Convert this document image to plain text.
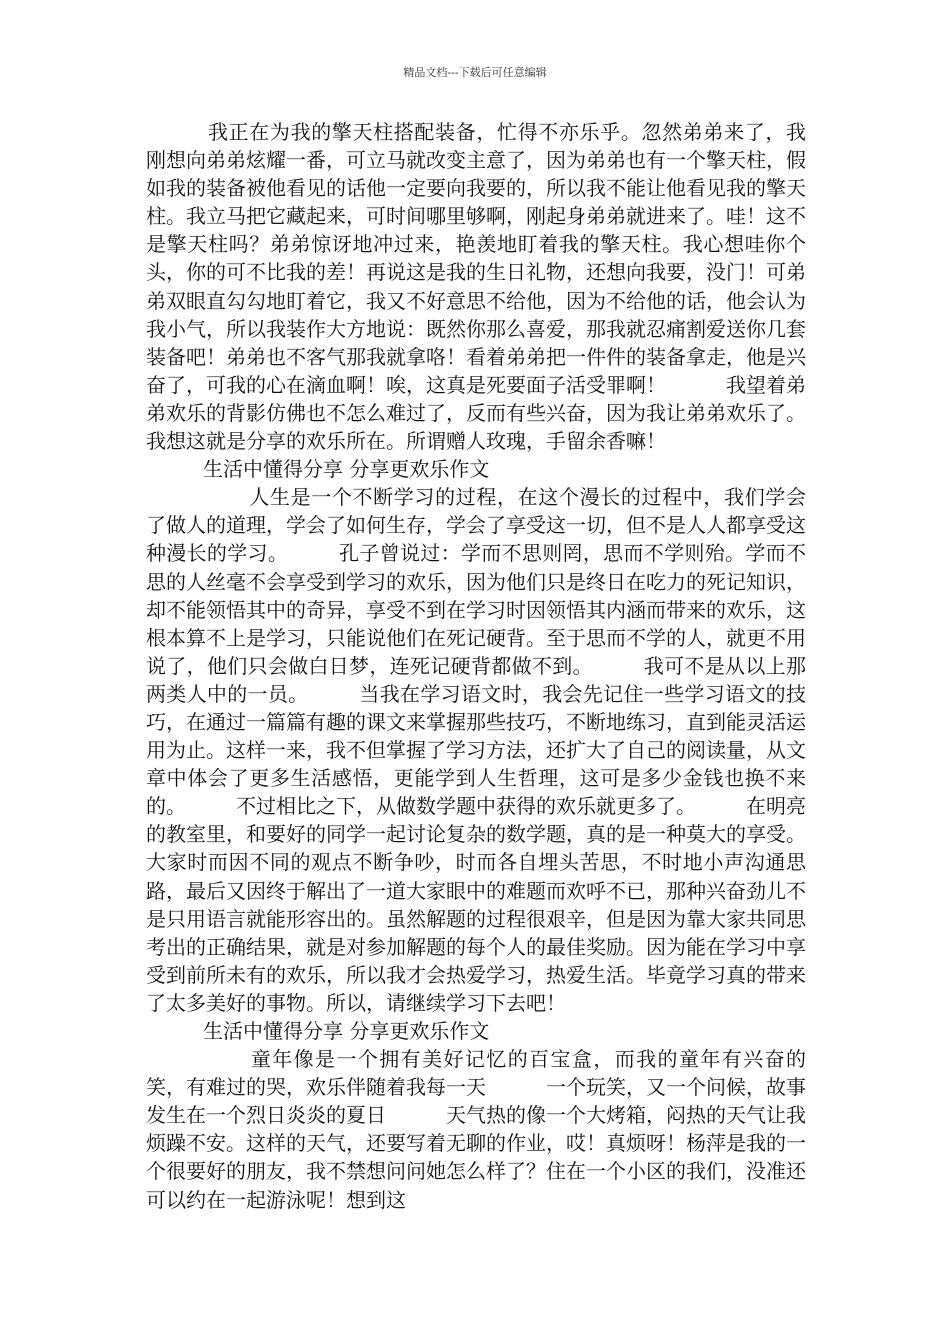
精品文档---下载后可任意编辑

我正在为我的擎天柱搭配装备，忙得不亦乐乎。忽然弟弟来了，我刚想向弟弟炫耀一番，可立马就改变主意了，因为弟弟也有一个擎天柱，假如我的装备被他看见的话他一定要向我要的，所以我不能让他看见我的擎天柱。我立马把它藏起来，可时间哪里够啊，刚起身弟弟就进来了。哇！这不是擎天柱吗？弟弟惊讶地冲过来，艳羡地盯着我的擎天柱。我心想哇你个头，你的可不比我的差！再说这是我的生日礼物，还想向我要，没门！可弟弟双眼直勾勾地盯着它，我又不好意思不给他，因为不给他的话，他会认为我小气，所以我装作大方地说：既然你那么喜爱，那我就忍痛割爱送你几套装备吧！弟弟也不客气那我就拿咯！看着弟弟把一件件的装备拿走，他是兴奋了，可我的心在滴血啊！唉，这真是死要面子活受罪啊！　　　我望着弟弟欢乐的背影仿佛也不怎么难过了，反而有些兴奋，因为我让弟弟欢乐了。我想这就是分享的欢乐所在。所谓赠人玫瑰，手留余香嘛！

生活中懂得分享 分享更欢乐作文

　　人生是一个不断学习的过程，在这个漫长的过程中，我们学会了做人的道理，学会了如何生存，学会了享受这一切，但不是人人都享受这种漫长的学习。　　　孔子曾说过：学而不思则罔，思而不学则殆。学而不思的人丝毫不会享受到学习的欢乐，因为他们只是终日在吃力的死记知识，却不能领悟其中的奇异，享受不到在学习时因领悟其内涵而带来的欢乐，这根本算不上是学习，只能说他们在死记硬背。至于思而不学的人，就更不用说了，他们只会做白日梦，连死记硬背都做不到。　　　我可不是从以上那两类人中的一员。　　　当我在学习语文时，我会先记住一些学习语文的技巧，在通过一篇篇有趣的课文来掌握那些技巧，不断地练习，直到能灵活运用为止。这样一来，我不但掌握了学习方法，还扩大了自己的阅读量，从文章中体会了更多生活感悟，更能学到人生哲理，这可是多少金钱也换不来的。　　　不过相比之下，从做数学题中获得的欢乐就更多了。　　　在明亮的教室里，和要好的同学一起讨论复杂的数学题，真的是一种莫大的享受。大家时而因不同的观点不断争吵，时而各自埋头苦思，不时地小声沟通思路，最后又因终于解出了一道大家眼中的难题而欢呼不已，那种兴奋劲儿不是只用语言就能形容出的。虽然解题的过程很艰辛，但是因为靠大家共同思考出的正确结果，就是对参加解题的每个人的最佳奖励。因为能在学习中享受到前所未有的欢乐，所以我才会热爱学习，热爱生活。毕竟学习真的带来了太多美好的事物。所以，请继续学习下去吧！

生活中懂得分享 分享更欢乐作文

　　童年像是一个拥有美好记忆的百宝盒，而我的童年有兴奋的笑，有难过的哭，欢乐伴随着我每一天　　　一个玩笑，又一个问候，故事发生在一个烈日炎炎的夏日　　　天气热的像一个大烤箱，闷热的天气让我烦躁不安。这样的天气，还要写着无聊的作业，哎！真烦呀！杨萍是我的一个很要好的朋友，我不禁想问问她怎么样了？住在一个小区的我们，没准还可以约在一起游泳呢！想到这
